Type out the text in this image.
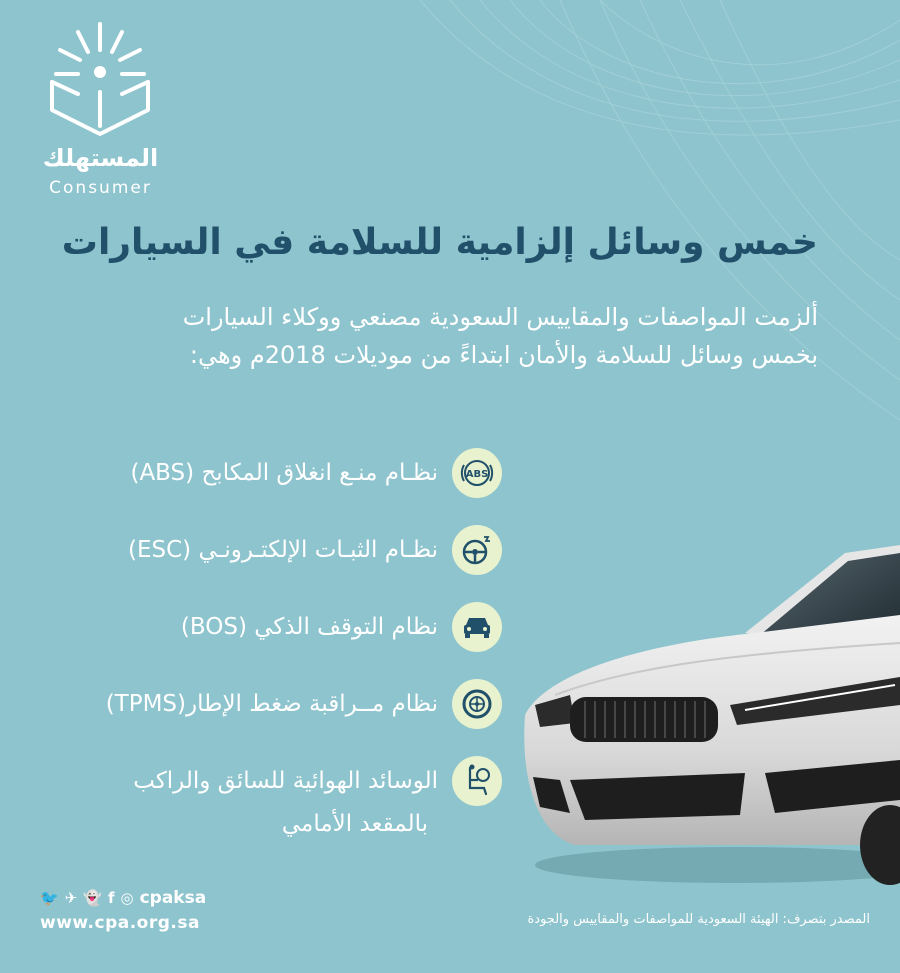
المستهلك
Consumer
خمس وسائل إلزامية للسلامة في السيارات
ألزمت المواصفات والمقاييس السعودية مصنعي ووكلاء السيارات
بخمس وسائل للسلامة والأمان ابتداءً من موديلات 2018م وهي:
ABS
نظـام منـع انغلاق المكابح (ABS)
نظـام الثبـات الإلكتـرونـي (ESC)
نظام التوقف الذكي (BOS)
نظام مــراقبة ضغط الإطار(TPMS)
الوسائد الهوائية للسائق والراكب
بالمقعد الأمامي
🐦 ✈ 👻 f ◎ cpaksa
www.cpa.org.sa	المصدر بتصرف: الهيئة السعودية للمواصفات والمقاييس والجودة
